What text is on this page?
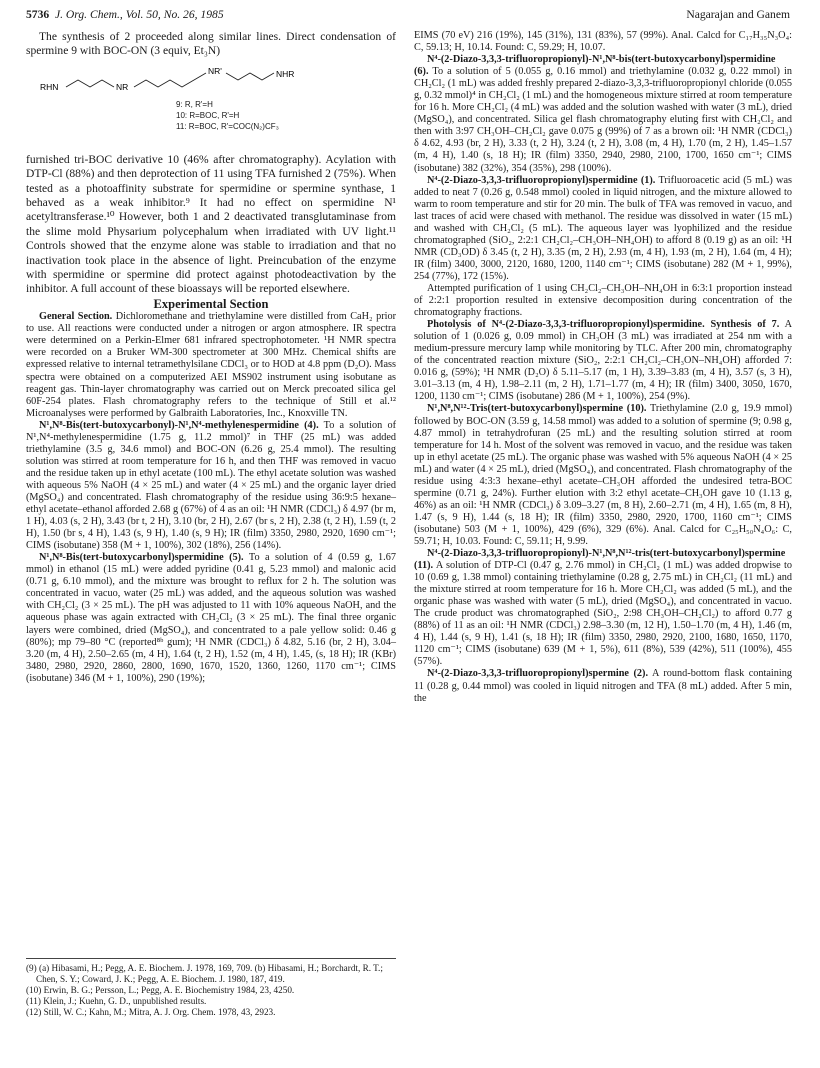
5736 J. Org. Chem., Vol. 50, No. 26, 1985	Nagarajan and Ganem

The synthesis of 2 proceeded along similar lines. Direct condensation of spermine 9 with BOC-ON (3 equiv, Et₃N)

RHN	NR
NR'	NHR
9: R, R'=H
10: R=BOC, R'=H
11: R=BOC, R'=COC(N₂)CF₃

furnished tri-BOC derivative 10 (46% after chromatography). Acylation with DTP-Cl (88%) and then deprotection of 11 using TFA furnished 2 (75%). When tested as a photoaffinity substrate for spermidine or spermine synthase, 1 behaved as a weak inhibitor.⁹ It had no effect on spermidine N¹ acetyltransferase.¹⁰ However, both 1 and 2 deactivated transglutaminase from the slime mold Physarium polycephalum when irradiated with UV light.¹¹ Controls showed that the enzyme alone was stable to irradiation and that no inactivation took place in the absence of light. Preincubation of the enzyme with spermidine or spermine did protect against photodeactivation by the inhibitor. A full account of these bioassays will be reported elsewhere.

Experimental Section

General Section. Dichloromethane and triethylamine were distilled from CaH₂ prior to use. All reactions were conducted under a nitrogen or argon atmosphere. IR spectra were determined on a Perkin-Elmer 681 infrared spectrophotometer. ¹H NMR spectra were recorded on a Bruker WM-300 spectrometer at 300 MHz. Chemical shifts are expressed relative to internal tetramethylsilane CDCl₃ or to HOD at 4.8 ppm (D₂O). Mass spectra were obtained on a computerized AEI MS902 instrument using isobutane as reagent gas. Thin-layer chromatography was carried out on Merck precoated silica gel 60F-254 plates. Flash chromatography refers to the technique of Still et al.¹² Microanalyses were performed by Galbraith Laboratories, Inc., Knoxville TN.

N¹,N⁸-Bis(tert-butoxycarbonyl)-N¹,N⁴-methylenespermidine (4). To a solution of N¹,N⁴-methylenespermidine (1.75 g, 11.2 mmol)⁷ in THF (25 mL) was added triethylamine (3.5 g, 34.6 mmol) and BOC-ON (6.26 g, 25.4 mmol). The resulting solution was stirred at room temperature for 16 h, and then THF was removed in vacuo and the residue taken up in ethyl acetate (100 mL). The ethyl acetate solution was washed with aqueous 5% NaOH (4 × 25 mL) and water (4 × 25 mL) and the organic layer dried (MgSO₄) and concentrated. Flash chromatography of the residue using 36:9:5 hexane–ethyl acetate–ethanol afforded 2.68 g (67%) of 4 as an oil: ¹H NMR (CDCl₃) δ 4.97 (br m, 1 H), 4.03 (s, 2 H), 3.43 (br t, 2 H), 3.10 (br, 2 H), 2.67 (br s, 2 H), 2.38 (t, 2 H), 1.59 (t, 2 H), 1.50 (br s, 4 H), 1.43 (s, 9 H), 1.40 (s, 9 H); IR (film) 3350, 2980, 2920, 1690 cm⁻¹; CIMS (isobutane) 358 (M + 1, 100%), 302 (18%), 256 (14%).

N¹,N⁸-Bis(tert-butoxycarbonyl)spermidine (5). To a solution of 4 (0.59 g, 1.67 mmol) in ethanol (15 mL) were added pyridine (0.41 g, 5.23 mmol) and malonic acid (0.71 g, 6.10 mmol), and the mixture was brought to reflux for 2 h. The solution was concentrated in vacuo, water (25 mL) was added, and the aqueous solution was washed with CH₂Cl₂ (3 × 25 mL). The pH was adjusted to 11 with 10% aqueous NaOH, and the aqueous phase was again extracted with CH₂Cl₂ (3 × 25 mL). The final three organic layers were combined, dried (MgSO₄), and concentrated to a pale yellow solid: 0.46 g (80%); mp 79–80 °C (reported⁸ᵇ gum); ¹H NMR (CDCl₃) δ 4.82, 5.16 (br, 2 H), 3.04–3.20 (m, 4 H), 2.50–2.65 (m, 4 H), 1.64 (t, 2 H), 1.52 (m, 4 H), 1.45, (s, 18 H); IR (KBr) 3480, 2980, 2920, 2860, 2800, 1690, 1670, 1520, 1360, 1260, 1170 cm⁻¹; CIMS (isobutane) 346 (M + 1, 100%), 290 (19%);

(9) (a) Hibasami, H.; Pegg, A. E. Biochem. J. 1978, 169, 709. (b) Hibasami, H.; Borchardt, R. T.; Chen, S. Y.; Coward, J. K.; Pegg, A. E. Biochem. J. 1980, 187, 419.
(10) Erwin, B. G.; Persson, L.; Pegg, A. E. Biochemistry 1984, 23, 4250.
(11) Klein, J.; Kuehn, G. D., unpublished results.
(12) Still, W. C.; Kahn, M.; Mitra, A. J. Org. Chem. 1978, 43, 2923.

EIMS (70 eV) 216 (19%), 145 (31%), 131 (83%), 57 (99%). Anal. Calcd for C₁₇H₃₅N₃O₄: C, 59.13; H, 10.14. Found: C, 59.29; H, 10.07.

N⁴-(2-Diazo-3,3,3-trifluoropropionyl)-N¹,N⁸-bis(tert-butoxycarbonyl)spermidine (6). To a solution of 5 (0.055 g, 0.16 mmol) and triethylamine (0.032 g, 0.22 mmol) in CH₂Cl₂ (1 mL) was added freshly prepared 2-diazo-3,3,3-trifluoropropionyl chloride (0.055 g, 0.32 mmol)⁴ in CH₂Cl₂ (1 mL) and the homogeneous mixture stirred at room temperature for 16 h. More CH₂Cl₂ (4 mL) was added and the solution washed with water (3 mL), dried (MgSO₄), and concentrated. Silica gel flash chromatography eluting first with CH₂Cl₂ and then with 3:97 CH₃OH–CH₂Cl₂ gave 0.075 g (99%) of 7 as a brown oil: ¹H NMR (CDCl₃) δ 4.62, 4.93 (br, 2 H), 3.33 (t, 2 H), 3.24 (t, 2 H), 3.08 (m, 4 H), 1.70 (m, 2 H), 1.45–1.57 (m, 4 H), 1.40 (s, 18 H); IR (film) 3350, 2940, 2980, 2100, 1700, 1650 cm⁻¹; CIMS (isobutane) 382 (32%), 354 (35%), 298 (100%).

N⁴-(2-Diazo-3,3,3-trifluoropropionyl)spermidine (1). Trifluoroacetic acid (5 mL) was added to neat 7 (0.26 g, 0.548 mmol) cooled in liquid nitrogen, and the mixture allowed to warm to room temperature and stir for 20 min. The bulk of TFA was removed in vacuo, and last traces of acid were chased with methanol. The residue was dissolved in water (15 mL) and washed with CH₂Cl₂ (5 mL). The aqueous layer was lyophilized and the residue chromatographed (SiO₂, 2:2:1 CH₂Cl₂–CH₃OH–NH₄OH) to afford 8 (0.19 g) as an oil: ¹H NMR (CD₃OD) δ 3.45 (t, 2 H), 3.35 (m, 2 H), 2.93 (m, 4 H), 1.93 (m, 2 H), 1.64 (m, 4 H); IR (film) 3400, 3000, 2120, 1680, 1200, 1140 cm⁻¹; CIMS (isobutane) 282 (M + 1, 99%), 254 (77%), 172 (15%).

Attempted purification of 1 using CH₂Cl₂–CH₃OH–NH₄OH in 6:3:1 proportion instead of 2:2:1 proportion resulted in extensive decomposition during concentration of the chromatography fractions.

Photolysis of N⁴-(2-Diazo-3,3,3-trifluoropropionyl)spermidine. Synthesis of 7. A solution of 1 (0.026 g, 0.09 mmol) in CH₃OH (3 mL) was irradiated at 254 nm with a medium-pressure mercury lamp while monitoring by TLC. After 200 min, chromatography of the concentrated reaction mixture (SiO₂, 2:2:1 CH₂Cl₂–CH₃ON–NH₄OH) afforded 7: 0.016 g, (59%); ¹H NMR (D₂O) δ 5.11–5.17 (m, 1 H), 3.39–3.83 (m, 4 H), 3.57 (s, 3 H), 3.01–3.13 (m, 4 H), 1.98–2.11 (m, 2 H), 1.71–1.77 (m, 4 H); IR (film) 3400, 3050, 1670, 1200, 1130 cm⁻¹; CIMS (isobutane) 286 (M + 1, 100%), 254 (9%).

N¹,N⁸,N¹²-Tris(tert-butoxycarbonyl)spermine (10). Triethylamine (2.0 g, 19.9 mmol) followed by BOC-ON (3.59 g, 14.58 mmol) was added to a solution of spermine (9; 0.98 g, 4.87 mmol) in tetrahydrofuran (25 mL) and the resulting solution stirred at room temperature for 14 h. Most of the solvent was removed in vacuo, and the residue was taken up in ethyl acetate (25 mL). The organic phase was washed with 5% aqueous NaOH (4 × 25 mL) and water (4 × 25 mL), dried (MgSO₄), and concentrated. Flash chromatography of the residue using 4:3:3 hexane–ethyl acetate–CH₃OH afforded the undesired tetra-BOC spermine (0.71 g, 24%). Further elution with 3:2 ethyl acetate–CH₃OH gave 10 (1.13 g, 46%) as an oil: ¹H NMR (CDCl₃) δ 3.09–3.27 (m, 8 H), 2.60–2.71 (m, 4 H), 1.65 (m, 8 H), 1.47 (s, 9 H), 1.44 (s, 18 H); IR (film) 3350, 2980, 2920, 1700, 1160 cm⁻¹; CIMS (isobutane) 503 (M + 1, 100%), 429 (6%), 329 (6%). Anal. Calcd for C₂₅H₅₀N₄O₆: C, 59.71; H, 10.03. Found: C, 59.11; H, 9.99.

N⁴-(2-Diazo-3,3,3-trifluoropropionyl)-N¹,N⁸,N¹²-tris(tert-butoxycarbonyl)spermine (11). A solution of DTP-Cl (0.47 g, 2.76 mmol) in CH₂Cl₂ (1 mL) was added dropwise to 10 (0.69 g, 1.38 mmol) containing triethylamine (0.28 g, 2.75 mL) in CH₂Cl₂ (11 mL) and the mixture stirred at room temperature for 16 h. More CH₂Cl₂ was added (5 mL), and the organic phase was washed with water (5 mL), dried (MgSO₄), and concentrated in vacuo. The crude product was chromatographed (SiO₂, 2:98 CH₃OH–CH₂Cl₂) to afford 0.77 g (88%) of 11 as an oil: ¹H NMR (CDCl₃) 2.98–3.30 (m, 12 H), 1.50–1.70 (m, 4 H), 1.46 (m, 4 H), 1.44 (s, 9 H), 1.41 (s, 18 H); IR (film) 3350, 2980, 2920, 2100, 1680, 1650, 1170, 1120 cm⁻¹; CIMS (isobutane) 639 (M + 1, 5%), 611 (8%), 539 (42%), 511 (100%), 455 (57%).

N⁴-(2-Diazo-3,3,3-trifluoropropionyl)spermine (2). A round-bottom flask containing 11 (0.28 g, 0.44 mmol) was cooled in liquid nitrogen and TFA (8 mL) added. After 5 min, the
